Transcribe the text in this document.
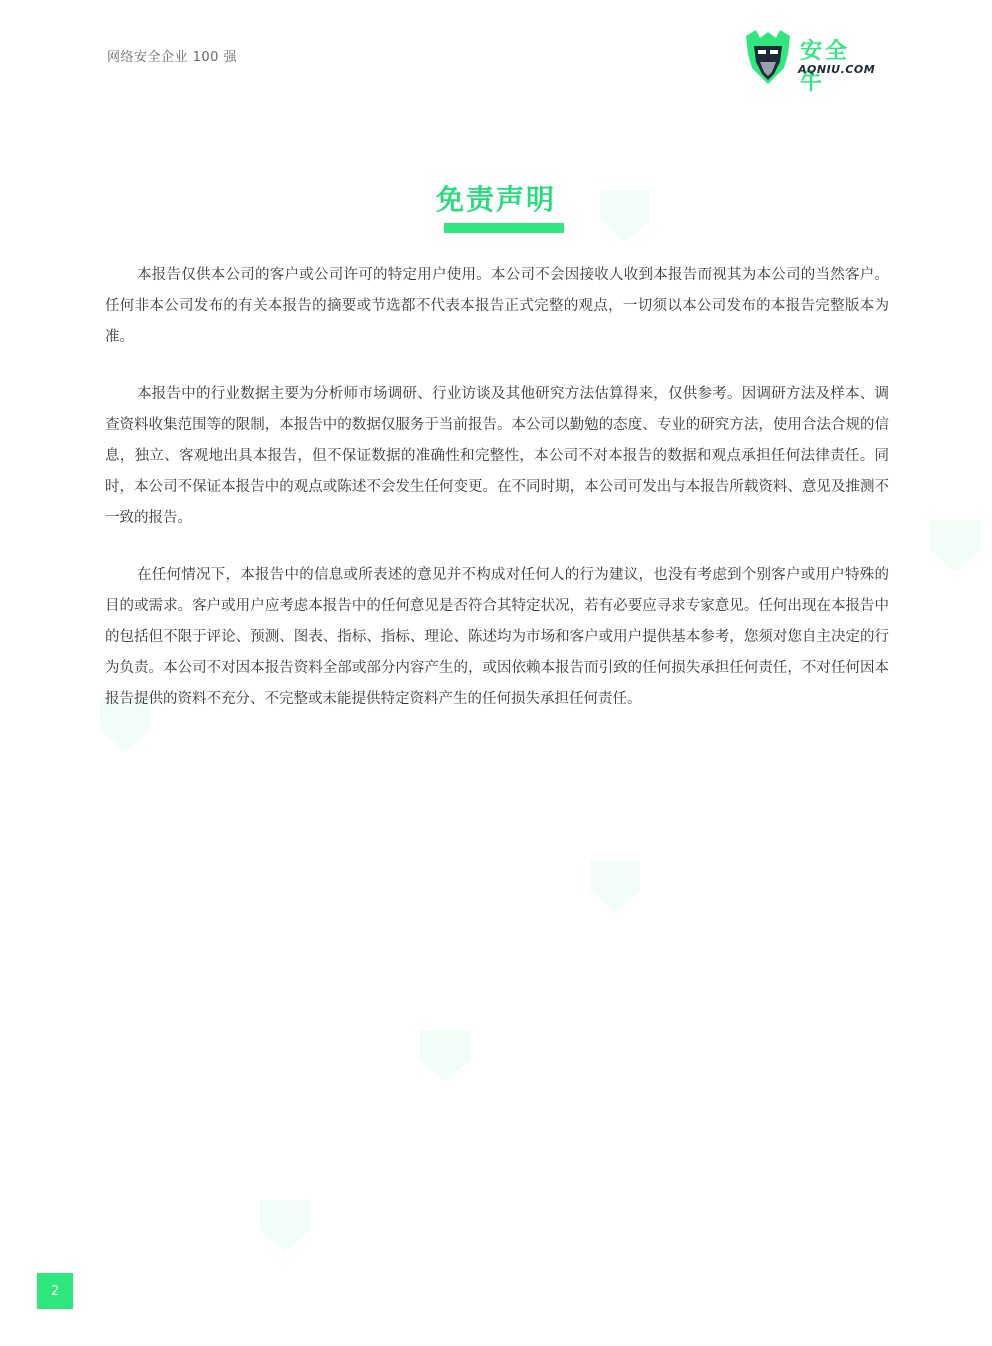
网络安全企业 100 强	安全牛
AQNIU.COM
免责声明

本报告仅供本公司的客户或公司许可的特定用户使用。本公司不会因接收人收到本报告而视其为本公司的当然客户。任何非本公司发布的有关本报告的摘要或节选都不代表本报告正式完整的观点，一切须以本公司发布的本报告完整版本为准。

本报告中的行业数据主要为分析师市场调研、行业访谈及其他研究方法估算得来，仅供参考。因调研方法及样本、调查资料收集范围等的限制，本报告中的数据仅服务于当前报告。本公司以勤勉的态度、专业的研究方法，使用合法合规的信息，独立、客观地出具本报告，但不保证数据的准确性和完整性，本公司不对本报告的数据和观点承担任何法律责任。同时，本公司不保证本报告中的观点或陈述不会发生任何变更。在不同时期，本公司可发出与本报告所载资料、意见及推测不一致的报告。

在任何情况下，本报告中的信息或所表述的意见并不构成对任何人的行为建议，也没有考虑到个别客户或用户特殊的目的或需求。客户或用户应考虑本报告中的任何意见是否符合其特定状况，若有必要应寻求专家意见。任何出现在本报告中的包括但不限于评论、预测、图表、指标、指标、理论、陈述均为市场和客户或用户提供基本参考，您须对您自主决定的行为负责。本公司不对因本报告资料全部或部分内容产生的，或因依赖本报告而引致的任何损失承担任何责任，不对任何因本报告提供的资料不充分、不完整或未能提供特定资料产生的任何损失承担任何责任。

2
